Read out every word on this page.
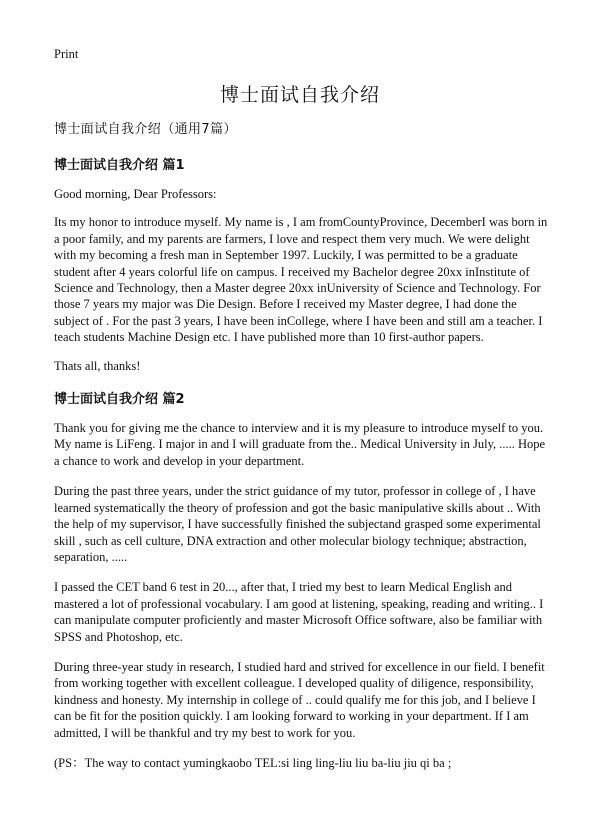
Print
博士面试自我介绍
博士面试自我介绍（通用7篇）
博士面试自我介绍 篇1

Good morning, Dear Professors:

Its my honor to introduce myself. My name is , I am fromCountyProvince, DecemberI was born in a poor family, and my parents are farmers, I love and respect them very much. We were delight with my becoming a fresh man in September 1997. Luckily, I was permitted to be a graduate student after 4 years colorful life on campus. I received my Bachelor degree 20xx inInstitute of Science and Technology, then a Master degree 20xx inUniversity of Science and Technology. For those 7 years my major was Die Design. Before I received my Master degree, I had done the subject of . For the past 3 years, I have been inCollege, where I have been and still am a teacher. I teach students Machine Design etc. I have published more than 10 first-author papers.

Thats all, thanks!

博士面试自我介绍 篇2

Thank you for giving me the chance to interview and it is my pleasure to introduce myself to you. My name is LiFeng. I major in and I will graduate from the.. Medical University in July, ..... Hope a chance to work and develop in your department.

During the past three years, under the strict guidance of my tutor, professor in college of , I have learned systematically the theory of profession and got the basic manipulative skills about .. With the help of my supervisor, I have successfully finished the subjectand grasped some experimental skill , such as cell culture, DNA extraction and other molecular biology technique; abstraction, separation, .....

I passed the CET band 6 test in 20..., after that, I tried my best to learn Medical English and mastered a lot of professional vocabulary. I am good at listening, speaking, reading and writing.. I can manipulate computer proficiently and master Microsoft Office software, also be familiar with SPSS and Photoshop, etc.

During three-year study in research, I studied hard and strived for excellence in our field. I benefit from working together with excellent colleague. I developed quality of diligence, responsibility, kindness and honesty. My internship in college of .. could qualify me for this job, and I believe I can be fit for the position quickly. I am looking forward to working in your department. If I am admitted, I will be thankful and try my best to work for you.

(PS：The way to contact yumingkaobo TEL:si ling ling-liu liu ba-liu jiu qi ba ;
